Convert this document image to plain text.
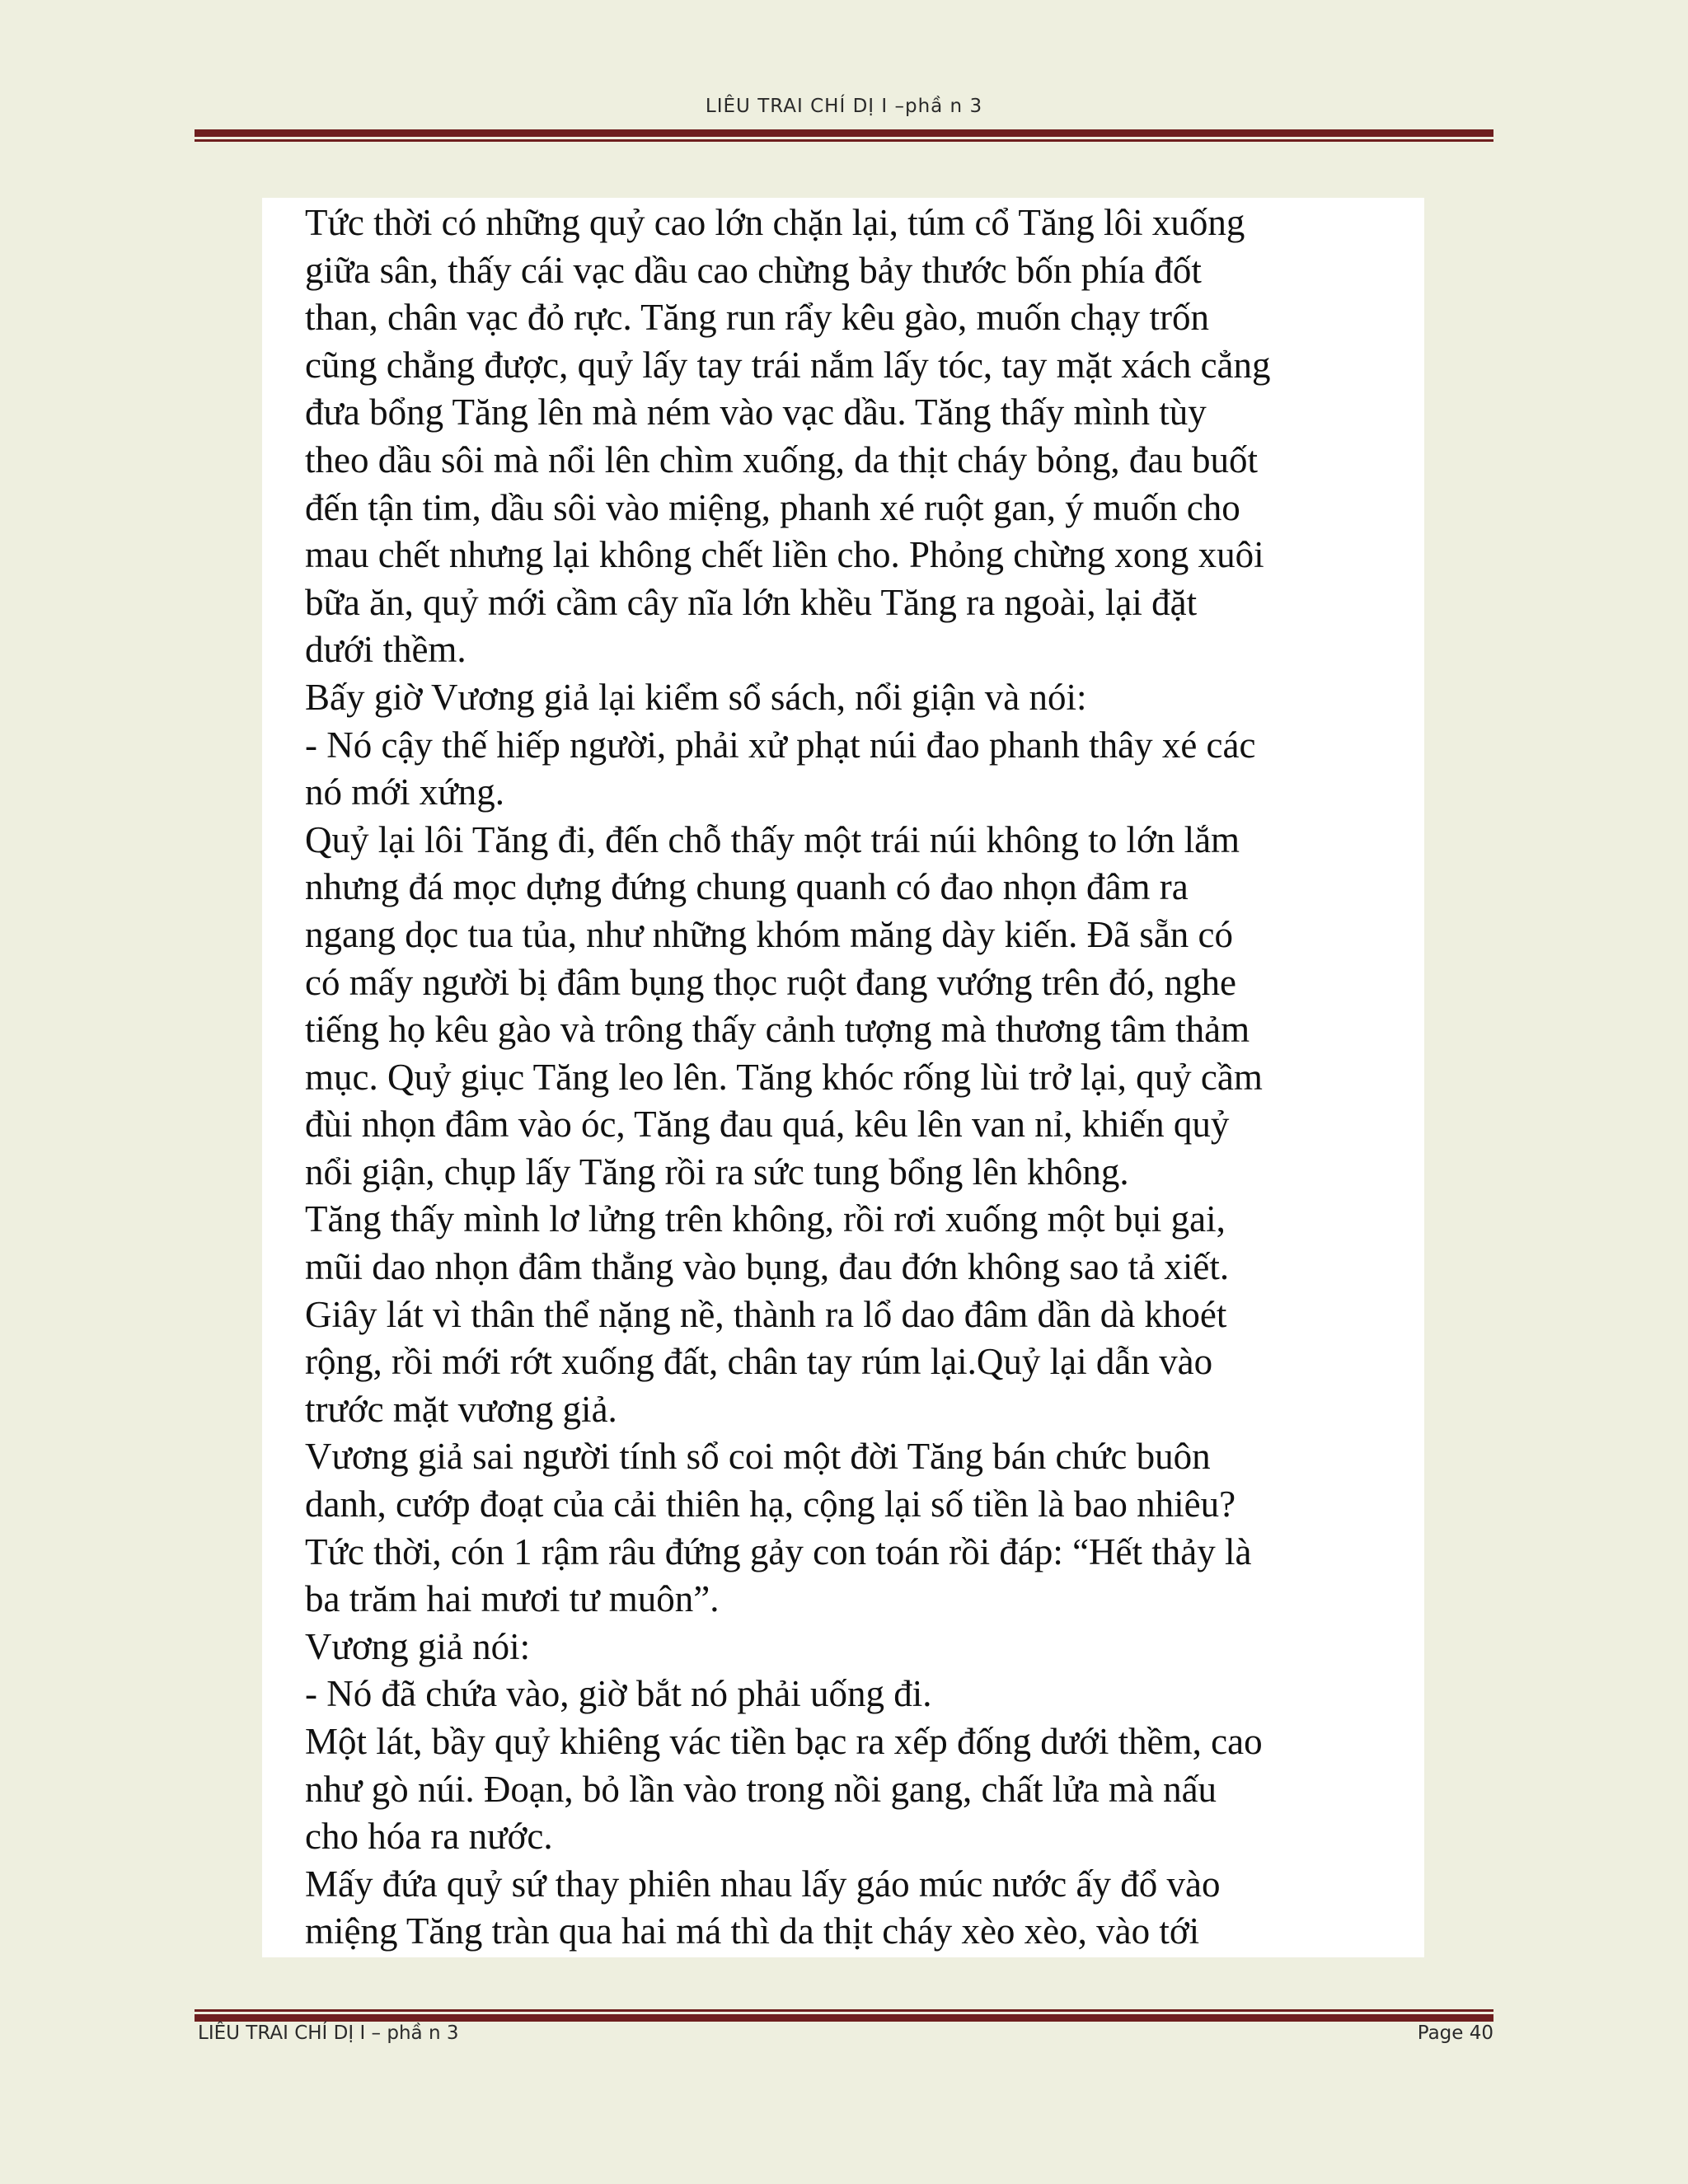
LIÊU TRAI CHÍ DỊ I –phầ n 3

Tức thời có những quỷ cao lớn chặn lại, túm cổ Tăng lôi xuống
giữa sân, thấy cái vạc dầu cao chừng bảy thước bốn phía đốt
than, chân vạc đỏ rực. Tăng run rẩy kêu gào, muốn chạy trốn
cũng chẳng được, quỷ lấy tay trái nắm lấy tóc, tay mặt xách cẳng
đưa bổng Tăng lên mà ném vào vạc dầu. Tăng thấy mình tùy
theo dầu sôi mà nổi lên chìm xuống, da thịt cháy bỏng, đau buốt
đến tận tim, dầu sôi vào miệng, phanh xé ruột gan, ý muốn cho
mau chết nhưng lại không chết liền cho. Phỏng chừng xong xuôi
bữa ăn, quỷ mới cầm cây nĩa lớn khều Tăng ra ngoài, lại đặt
dưới thềm.

Bấy giờ Vương giả lại kiểm sổ sách, nổi giận và nói:

- Nó cậy thế hiếp người, phải xử phạt núi đao phanh thây xé các
nó mới xứng.

Quỷ lại lôi Tăng đi, đến chỗ thấy một trái núi không to lớn lắm
nhưng đá mọc dựng đứng chung quanh có đao nhọn đâm ra
ngang dọc tua tủa, như những khóm măng dày kiến. Đã sẵn có
có mấy người bị đâm bụng thọc ruột đang vướng trên đó, nghe
tiếng họ kêu gào và trông thấy cảnh tượng mà thương tâm thảm
mục. Quỷ giục Tăng leo lên. Tăng khóc rống lùi trở lại, quỷ cầm
đùi nhọn đâm vào óc, Tăng đau quá, kêu lên van nỉ, khiến quỷ
nổi giận, chụp lấy Tăng rồi ra sức tung bổng lên không.

Tăng thấy mình lơ lửng trên không, rồi rơi xuống một bụi gai,
mũi dao nhọn đâm thẳng vào bụng, đau đớn không sao tả xiết.
Giây lát vì thân thể nặng nề, thành ra lổ dao đâm dần dà khoét
rộng, rồi mới rớt xuống đất, chân tay rúm lại.Quỷ lại dẫn vào
trước mặt vương giả.

Vương giả sai người tính sổ coi một đời Tăng bán chức buôn
danh, cướp đoạt của cải thiên hạ, cộng lại số tiền là bao nhiêu?
Tức thời, cón 1 rậm râu đứng gảy con toán rồi đáp: “Hết thảy là
ba trăm hai mươi tư muôn”.

Vương giả nói:

- Nó đã chứa vào, giờ bắt nó phải uống đi.

Một lát, bầy quỷ khiêng vác tiền bạc ra xếp đống dưới thềm, cao
như gò núi. Đoạn, bỏ lần vào trong nồi gang, chất lửa mà nấu
cho hóa ra nước.

Mấy đứa quỷ sứ thay phiên nhau lấy gáo múc nước ấy đổ vào
miệng Tăng tràn qua hai má thì da thịt cháy xèo xèo, vào tới

LIÊU TRAI CHÍ DỊ I – phầ n 3	Page 40
